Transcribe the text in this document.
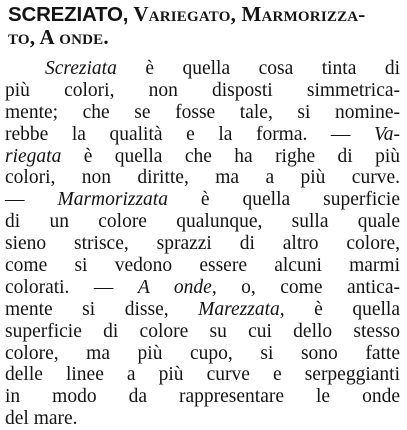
SCREZIATO, Variegato, Marmorizza-
to, A onde.
Screziata è quella cosa tinta di
più colori, non disposti simmetrica-
mente; che se fosse tale, si nomine-
rebbe la qualità e la forma. — Va-
riegata è quella che ha righe di più
colori, non diritte, ma a più curve.
— Marmorizzata è quella superficie
di un colore qualunque, sulla quale
sieno strisce, sprazzi di altro colore,
come si vedono essere alcuni marmi
colorati. — A onde, o, come antica-
mente si disse, Marezzata, è quella
superficie di colore su cui dello stesso
colore, ma più cupo, si sono fatte
delle linee a più curve e serpeggianti
in modo da rappresentare le onde
del mare.
